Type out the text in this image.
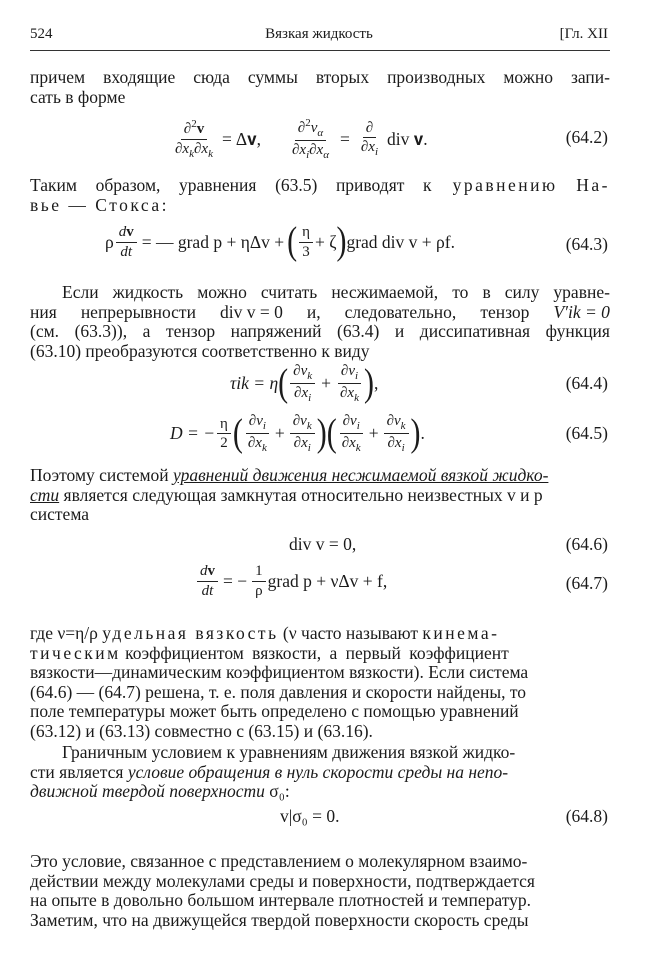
524	Вязкая жидкость	[Гл. XII
причем входящие сюда суммы вторых производных можно запи-
сать в форме
$\frac{\partial^2v}{\partial x_k\partial x_k}$ = Δ𝐯, $\frac{\partial^2v_\alpha}{\partial x_i\partial x_\alpha} = \frac{\partial}{\partial x_i}$ div 𝐯.	(64.2)
Таким образом, уравнения (63.5) приводят к уравнению На-
вье — Стокса:
ρ $\frac{dv}{dt}$ = — grad p + ηΔv + ( $\frac{\eta}{3} + \zeta$ ) grad div v + ρf.	(64.3)
Если жидкость можно считать несжимаемой, то в силу уравне-
ния непрерывности div v = 0 и, следовательно, тензор V′ik = 0
(см. (63.3)), а тензор напряжений (63.4) и диссипативная функция
(63.10) преобразуются соответственно к виду
τik = η ( $\frac{\partial v_k}{\partial x_i} + \frac{\partial v_i}{\partial x_k}$ ) ,	(64.4)
D = − $\frac{\eta}{2}$ ( $\frac{\partial v_i}{\partial x_k} + \frac{\partial v_k}{\partial x_i}$ )( $\frac{\partial v_i}{\partial x_k} + \frac{\partial v_k}{\partial x_i}$ ) .	(64.5)
Поэтому системой уравнений движения несжимаемой вязкой жидко-
сти является следующая замкнутая относительно неизвестных v и p
система
div v = 0,	(64.6)
$\frac{dv}{dt}$ = − $\frac{1}{\rho}$ grad p + νΔv + f,	(64.7)
где ν=η/ρ удельная вязкость (ν часто называют кинема-
тическим коэффициентом вязкости, а первый коэффициент
вязкости—динамическим коэффициентом вязкости). Если система
(64.6) — (64.7) решена, т. е. поля давления и скорости найдены, то
поле температуры может быть определено с помощью уравнений
(63.12) и (63.13) совместно с (63.15) и (63.16).
Граничным условием к уравнениям движения вязкой жидко-
сти является условие обращения в нуль скорости среды на непо-
движной твердой поверхности σ₀:
v|σ₀ = 0.	(64.8)
Это условие, связанное с представлением о молекулярном взаимо-
действии между молекулами среды и поверхности, подтверждается
на опыте в довольно большом интервале плотностей и температур.
Заметим, что на движущейся твердой поверхности скорость среды
